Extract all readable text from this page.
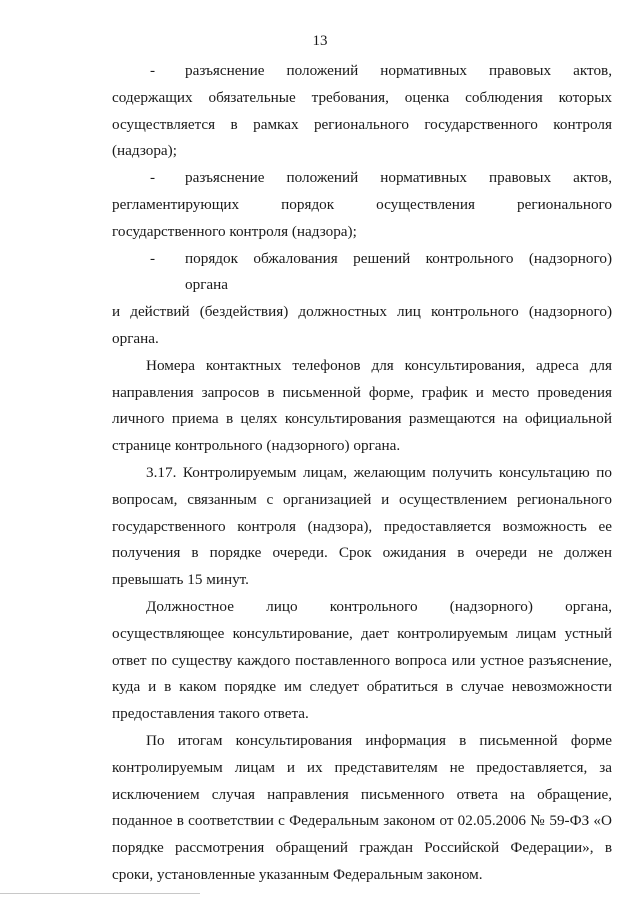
13
-	разъяснение положений нормативных правовых актов,

содержащих обязательные требования, оценка соблюдения которых осуществляется в рамках регионального государственного контроля (надзора);

-	разъяснение положений нормативных правовых актов,

регламентирующих порядок осуществления регионального государственного контроля (надзора);

-	порядок обжалования решений контрольного (надзорного) органа

и действий (бездействия) должностных лиц контрольного (надзорного) органа.

Номера контактных телефонов для консультирования, адреса для направления запросов в письменной форме, график и место проведения личного приема в целях консультирования размещаются на официальной странице контрольного (надзорного) органа.

3.17. Контролируемым лицам, желающим получить консультацию по вопросам, связанным с организацией и осуществлением регионального государственного контроля (надзора), предоставляется возможность ее получения в порядке очереди. Срок ожидания в очереди не должен превышать 15 минут.

Должностное лицо контрольного (надзорного) органа,

осуществляющее консультирование, дает контролируемым лицам устный ответ по существу каждого поставленного вопроса или устное разъяснение, куда и в каком порядке им следует обратиться в случае невозможности предоставления такого ответа.

По итогам консультирования информация в письменной форме контролируемым лицам и их представителям не предоставляется, за исключением случая направления письменного ответа на обращение, поданное в соответствии с Федеральным законом от 02.05.2006 № 59-ФЗ «О порядке рассмотрения обращений граждан Российской Федерации», в сроки, установленные указанным Федеральным законом.
